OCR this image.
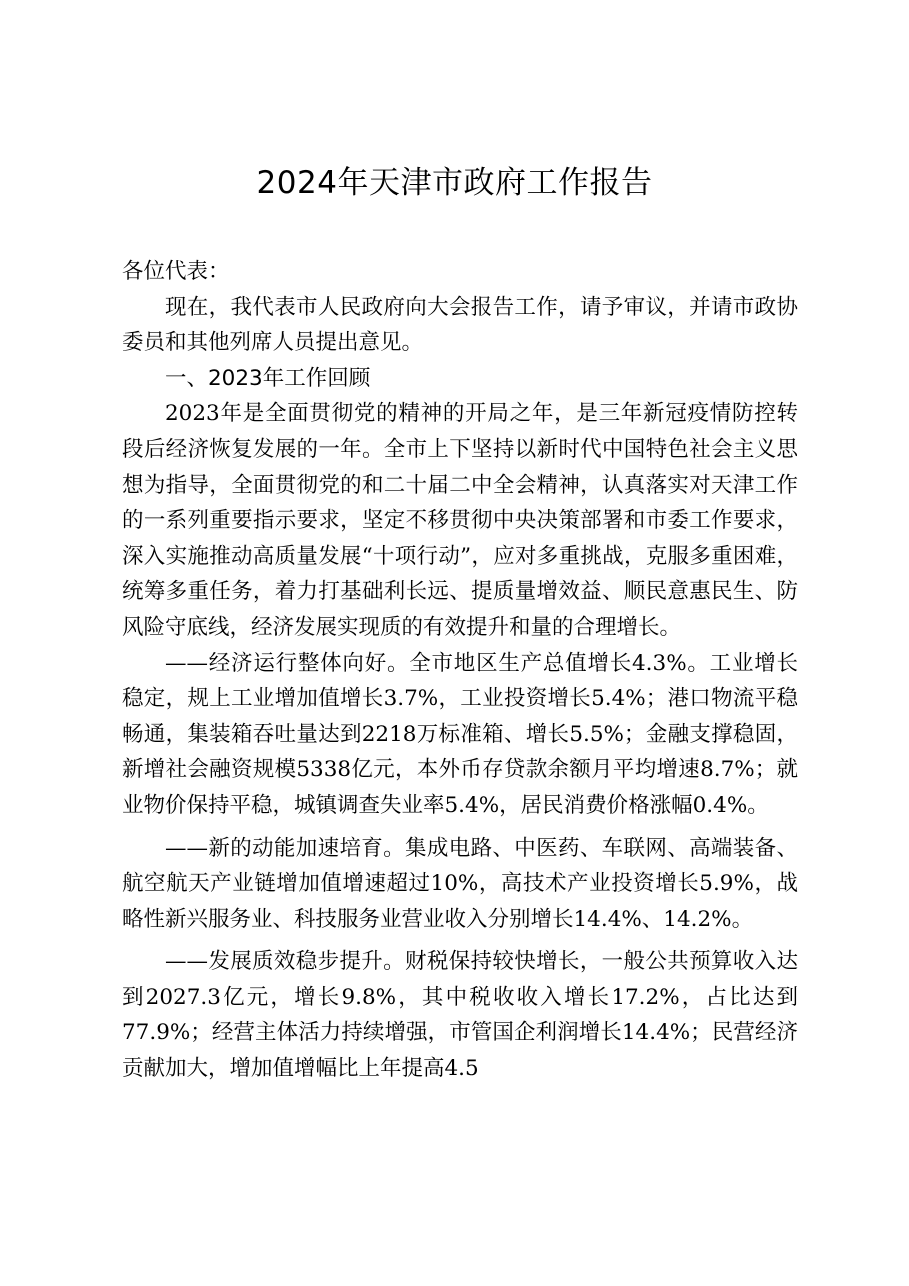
2024年天津市政府工作报告

各位代表：

现在，我代表市人民政府向大会报告工作，请予审议，并请市政协委员和其他列席人员提出意见。

一、2023年工作回顾

2023年是全面贯彻党的精神的开局之年，是三年新冠疫情防控转段后经济恢复发展的一年。全市上下坚持以新时代中国特色社会主义思想为指导，全面贯彻党的和二十届二中全会精神，认真落实对天津工作的一系列重要指示要求，坚定不移贯彻中央决策部署和市委工作要求，深入实施推动高质量发展“十项行动”，应对多重挑战，克服多重困难，统筹多重任务，着力打基础利长远、提质量增效益、顺民意惠民生、防风险守底线，经济发展实现质的有效提升和量的合理增长。

——经济运行整体向好。全市地区生产总值增长4.3%。工业增长稳定，规上工业增加值增长3.7%，工业投资增长5.4%；港口物流平稳畅通，集装箱吞吐量达到2218万标准箱、增长5.5%；金融支撑稳固，新增社会融资规模5338亿元，本外币存贷款余额月平均增速8.7%；就业物价保持平稳，城镇调查失业率5.4%，居民消费价格涨幅0.4%。

——新的动能加速培育。集成电路、中医药、车联网、高端装备、航空航天产业链增加值增速超过10%，高技术产业投资增长5.9%，战略性新兴服务业、科技服务业营业收入分别增长14.4%、14.2%。

——发展质效稳步提升。财税保持较快增长，一般公共预算收入达到2027.3亿元，增长9.8%，其中税收收入增长17.2%，占比达到77.9%；经营主体活力持续增强，市管国企利润增长14.4%；民营经济贡献加大，增加值增幅比上年提高4.5
